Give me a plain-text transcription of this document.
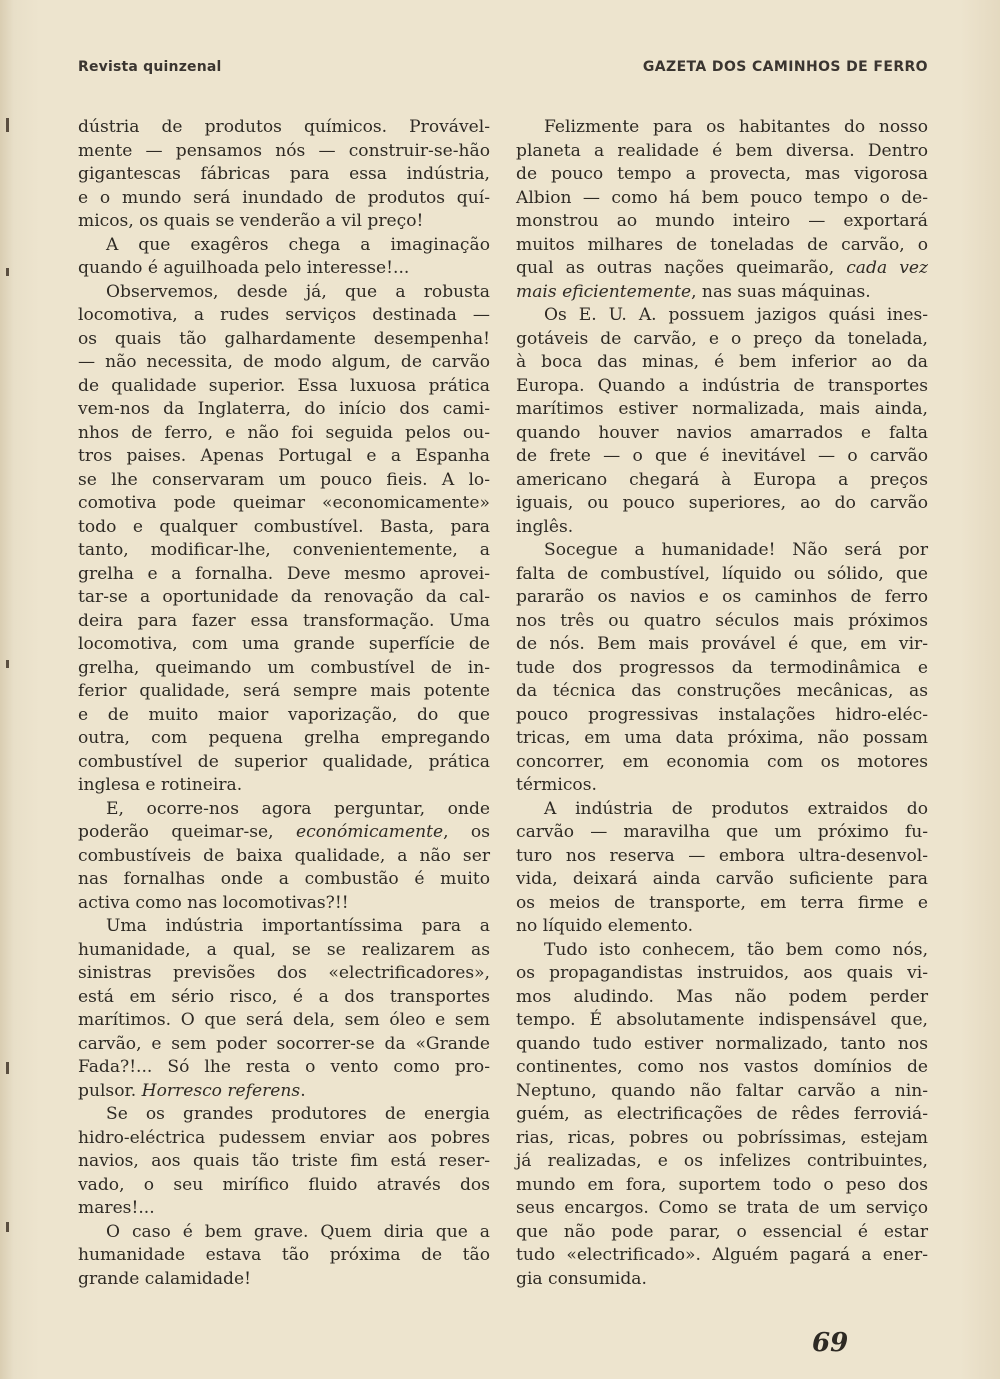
Revista quinzenal	GAZETA DOS CAMINHOS DE FERRO

dústria de produtos químicos. Provável-

mente — pensamos nós — construir-se-hão

gigantescas fábricas para essa indústria,

e o mundo será inundado de produtos quí-

micos, os quais se venderão a vil preço!

A que exagêros chega a imaginação

quando é aguilhoada pelo interesse!...

Observemos, desde já, que a robusta

locomotiva, a rudes serviços destinada —

os quais tão galhardamente desempenha!

— não necessita, de modo algum, de carvão

de qualidade superior. Essa luxuosa prática

vem-nos da Inglaterra, do início dos cami-

nhos de ferro, e não foi seguida pelos ou-

tros paises. Apenas Portugal e a Espanha

se lhe conservaram um pouco fieis. A lo-

comotiva pode queimar «economicamente»

todo e qualquer combustível. Basta, para

tanto, modificar-lhe, convenientemente, a

grelha e a fornalha. Deve mesmo aprovei-

tar-se a oportunidade da renovação da cal-

deira para fazer essa transformação. Uma

locomotiva, com uma grande superfície de

grelha, queimando um combustível de in-

ferior qualidade, será sempre mais potente

e de muito maior vaporização, do que

outra, com pequena grelha empregando

combustível de superior qualidade, prática

inglesa e rotineira.

E, ocorre-nos agora perguntar, onde

poderão queimar-se, económicamente, os

combustíveis de baixa qualidade, a não ser

nas fornalhas onde a combustão é muito

activa como nas locomotivas?!!

Uma indústria importantíssima para a

humanidade, a qual, se se realizarem as

sinistras previsões dos «electrificadores»,

está em sério risco, é a dos transportes

marítimos. O que será dela, sem óleo e sem

carvão, e sem poder socorrer-se da «Grande

Fada?!... Só lhe resta o vento como pro-

pulsor. Horresco referens.

Se os grandes produtores de energia

hidro-eléctrica pudessem enviar aos pobres

navios, aos quais tão triste fim está reser-

vado, o seu mirífico fluido através dos

mares!...

O caso é bem grave. Quem diria que a

humanidade estava tão próxima de tão

grande calamidade!

Felizmente para os habitantes do nosso

planeta a realidade é bem diversa. Dentro

de pouco tempo a provecta, mas vigorosa

Albion — como há bem pouco tempo o de-

monstrou ao mundo inteiro — exportará

muitos milhares de toneladas de carvão, o

qual as outras nações queimarão, cada vez

mais eficientemente, nas suas máquinas.

Os E. U. A. possuem jazigos quási ines-

gotáveis de carvão, e o preço da tonelada,

à boca das minas, é bem inferior ao da

Europa. Quando a indústria de transportes

marítimos estiver normalizada, mais ainda,

quando houver navios amarrados e falta

de frete — o que é inevitável — o carvão

americano chegará à Europa a preços

iguais, ou pouco superiores, ao do carvão

inglês.

Socegue a humanidade! Não será por

falta de combustível, líquido ou sólido, que

pararão os navios e os caminhos de ferro

nos três ou quatro séculos mais próximos

de nós. Bem mais provável é que, em vir-

tude dos progressos da termodinâmica e

da técnica das construções mecânicas, as

pouco progressivas instalações hidro-eléc-

tricas, em uma data próxima, não possam

concorrer, em economia com os motores

térmicos.

A indústria de produtos extraidos do

carvão — maravilha que um próximo fu-

turo nos reserva — embora ultra-desenvol-

vida, deixará ainda carvão suficiente para

os meios de transporte, em terra firme e

no líquido elemento.

Tudo isto conhecem, tão bem como nós,

os propagandistas instruidos, aos quais vi-

mos aludindo. Mas não podem perder

tempo. É absolutamente indispensável que,

quando tudo estiver normalizado, tanto nos

continentes, como nos vastos domínios de

Neptuno, quando não faltar carvão a nin-

guém, as electrificações de rêdes ferroviá-

rias, ricas, pobres ou pobríssimas, estejam

já realizadas, e os infelizes contribuintes,

mundo em fora, suportem todo o peso dos

seus encargos. Como se trata de um serviço

que não pode parar, o essencial é estar

tudo «electrificado». Alguém pagará a ener-

gia consumida.

69
